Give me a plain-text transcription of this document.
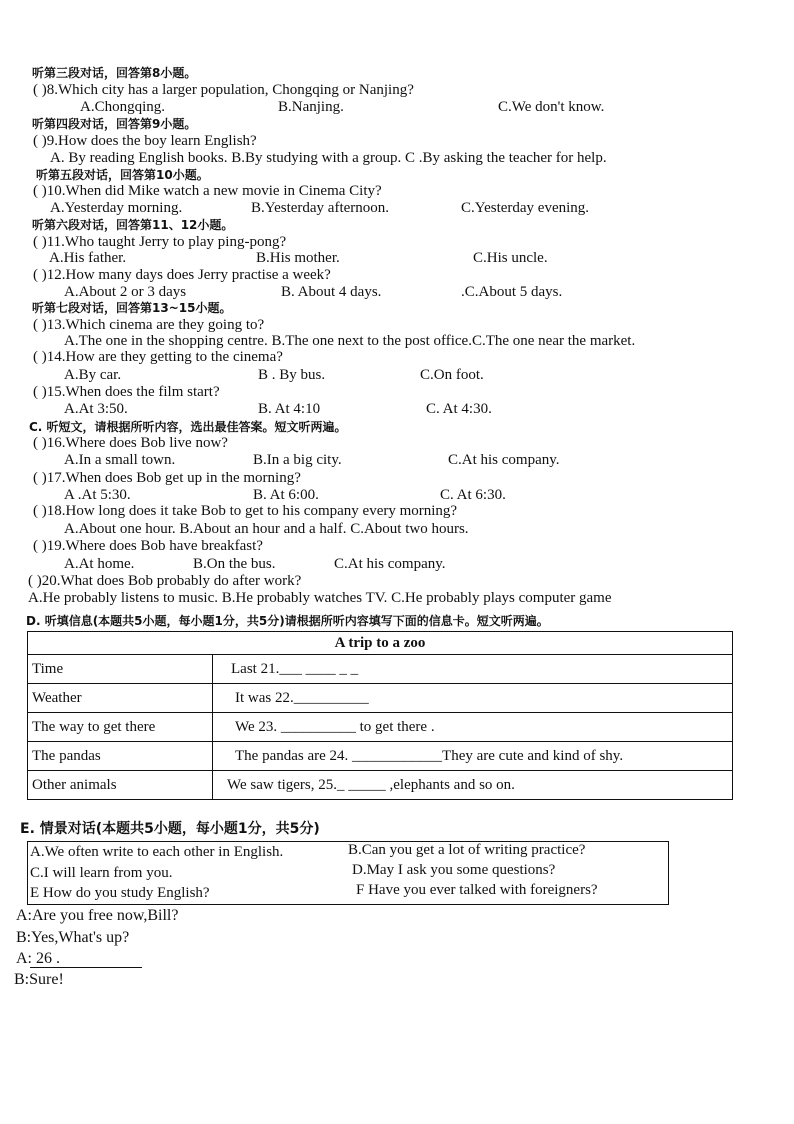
听第三段对话，回答第8小题。
( )8.Which city has a larger population, Chongqing or Nanjing?
A.Chongqing.	B.Nanjing.	C.We don't know.
听第四段对话，回答第9小题。
( )9.How does the boy learn English?
A. By reading English books. B.By studying with a group. C .By asking the teacher for help.
听第五段对话，回答第10小题。
( )10.When did Mike watch a new movie in Cinema City?
A.Yesterday morning.	B.Yesterday afternoon.	C.Yesterday evening.
听第六段对话，回答第11、12小题。
( )11.Who taught Jerry to play ping-pong?
A.His father.	B.His mother.	C.His uncle.
( )12.How many days does Jerry practise a week?
A.About 2 or 3 days	B. About 4 days.	.C.About 5 days.
听第七段对话，回答第13~15小题。
( )13.Which cinema are they going to?
A.The one in the shopping centre. B.The one next to the post office.C.The one near the market.
( )14.How are they getting to the cinema?
A.By car.	B . By bus.	C.On foot.
( )15.When does the film start?
A.At 3:50.	B. At 4:10	C. At 4:30.
C. 听短文，请根据所听内容，选出最佳答案。短文听两遍。
( )16.Where does Bob live now?
A.In a small town.	B.In a big city.	C.At his company.
( )17.When does Bob get up in the morning?
A .At 5:30.	B. At 6:00.	C. At 6:30.
( )18.How long does it take Bob to get to his company every morning?
A.About one hour. B.About an hour and a half. C.About two hours.
( )19.Where does Bob have breakfast?
A.At home.	B.On the bus.	C.At his company.
( )20.What does Bob probably do after work?
A.He probably listens to music. B.He probably watches TV. C.He probably plays computer game
D. 听填信息(本题共5小题，每小题1分，共5分)请根据所听内容填写下面的信息卡。短文听两遍。
A trip to a zoo	
Time	Last 21.___ ____ _ _
Weather	It was 22.__________
The way to get there	We 23. __________ to get there .
The pandas	The pandas are 24. ____________They are cute and kind of shy.
Other animals	We saw tigers, 25._ _____ ,elephants and so on.
E. 情景对话(本题共5小题，每小题1分，共5分)
A.We often write to each other in English.	B.Can you get a lot of writing practice?
C.I will learn from you.	D.May I ask you some questions?
E How do you study English?	F Have you ever talked with foreigners?
A:Are you free now,Bill?
B:Yes,What's up?
A: 26 .
B:Sure!
